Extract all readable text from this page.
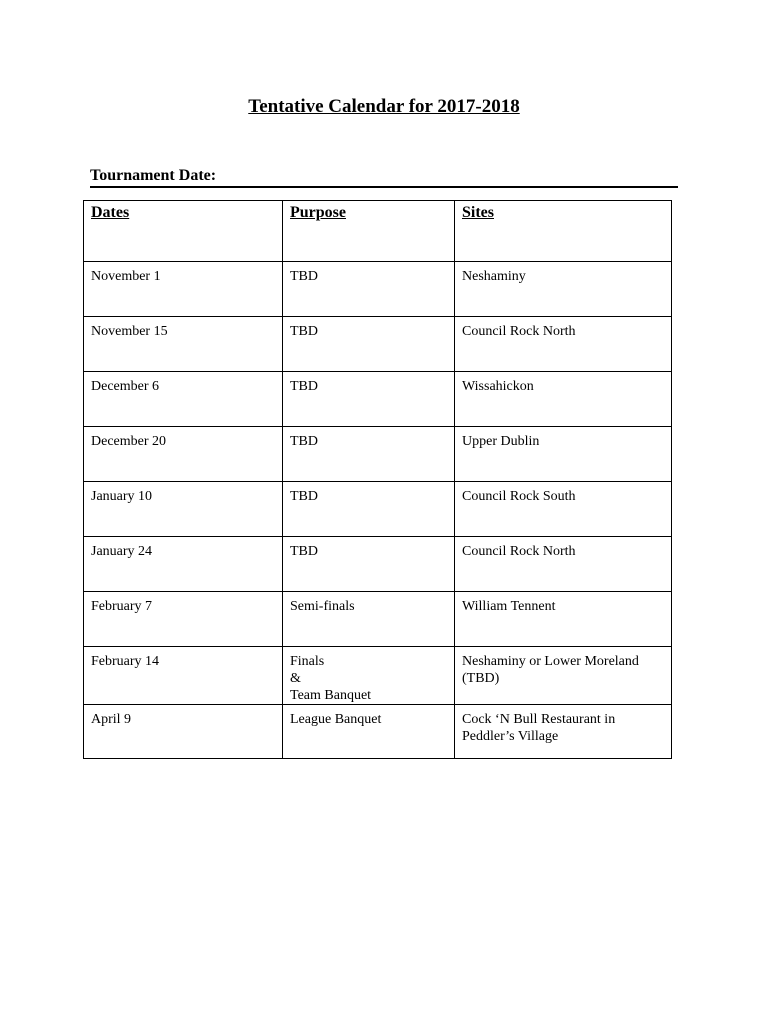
Tentative Calendar for 2017-2018
Tournament Date:
Dates	Purpose	Sites
November 1	TBD	Neshaminy
November 15	TBD	Council Rock North
December 6	TBD	Wissahickon
December 20	TBD	Upper Dublin
January 10	TBD	Council Rock South
January 24	TBD	Council Rock North
February 7	Semi-finals	William Tennent
February 14	Finals
&
Team Banquet	Neshaminy or Lower Moreland (TBD)
April 9	League Banquet	Cock ‘N Bull Restaurant in Peddler’s Village
